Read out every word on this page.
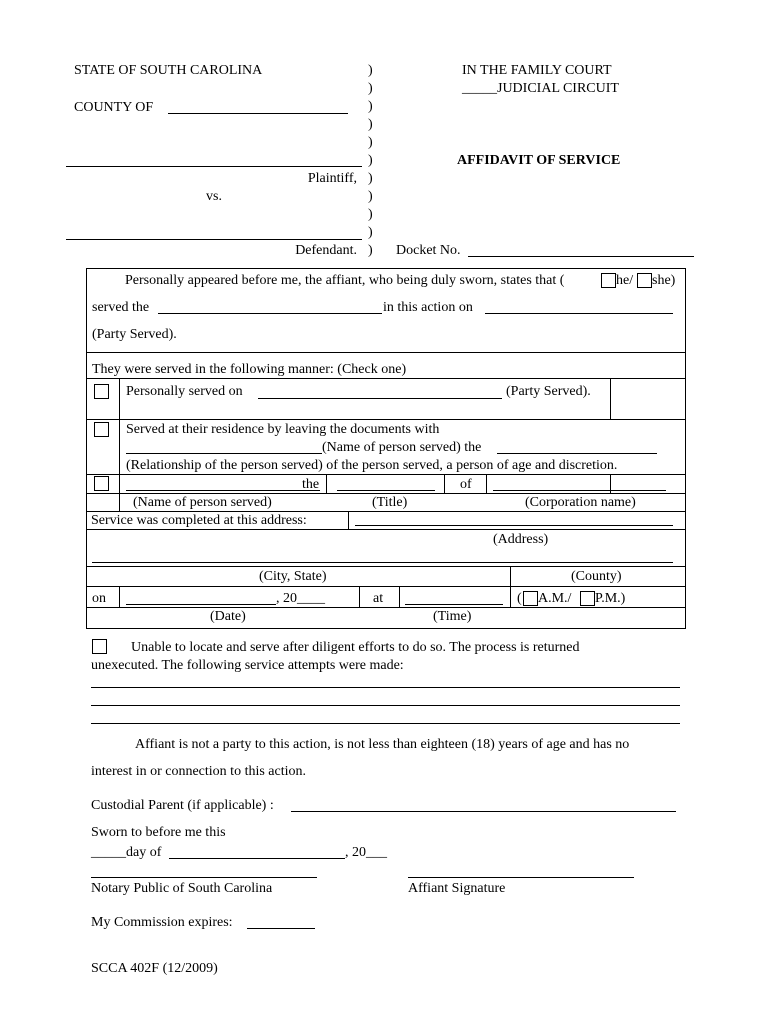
STATE OF SOUTH CAROLINA
COUNTY OF
)
)
)
)
)
)
)
)
)
)
)
Plaintiff,
vs.
Defendant.
IN THE FAMILY COURT
_____JUDICIAL CIRCUIT
AFFIDAVIT OF SERVICE
Docket No.
Personally appeared before me, the affiant, who being duly sworn, states that (	he/ she)
served the	in this action on
(Party Served).
They were served in the following manner: (Check one)
Personally served on	(Party Served).
Served at their residence by leaving the documents with
(Name of person served) the
(Relationship of the person served) of the person served, a person of age and discretion.
the	of
(Name of person served)	(Title)	(Corporation name)
Service was completed at this address:
(Address)
(City, State)	(County)
on	, 20____	at	( A.M./ P.M.)
(Date)	(Time)
Unable to locate and serve after diligent efforts to do so. The process is returned
unexecuted. The following service attempts were made:
Affiant is not a party to this action, is not less than eighteen (18) years of age and has no
interest in or connection to this action.
Custodial Parent (if applicable) :
Sworn to before me this
_____day of	, 20___
Notary Public of South Carolina	Affiant Signature
My Commission expires:
SCCA 402F (12/2009)
